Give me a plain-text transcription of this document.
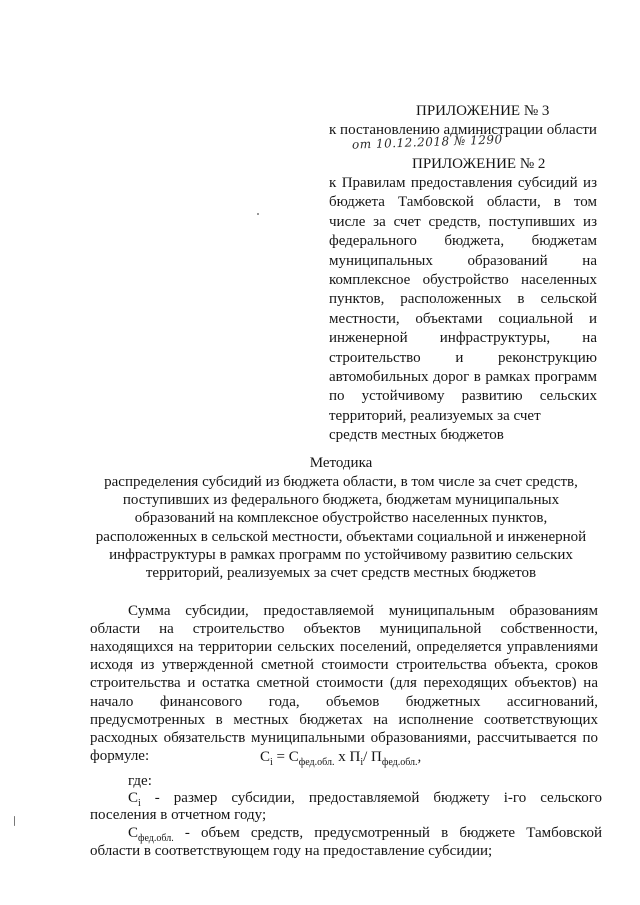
ПРИЛОЖЕНИЕ № 3
к постановлению администрации области
от 10.12.2018 № 1290
ПРИЛОЖЕНИЕ № 2
к Правилам предоставления субсидий из
бюджета Тамбовской области, в том
числе за счет средств, поступивших из
федерального бюджета, бюджетам
муниципальных образований на
комплексное обустройство населенных
пунктов, расположенных в сельской
местности, объектами социальной и
инженерной инфраструктуры, на
строительство и реконструкцию
автомобильных дорог в рамках программ
по устойчивому развитию сельских
территорий, реализуемых за счет
средств местных бюджетов
Методика
распределения субсидий из бюджета области, в том числе за счет средств,
поступивших из федерального бюджета, бюджетам муниципальных
образований на комплексное обустройство населенных пунктов,
расположенных в сельской местности, объектами социальной и инженерной
инфраструктуры в рамках программ по устойчивому развитию сельских
территорий, реализуемых за счет средств местных бюджетов
Сумма субсидии, предоставляемой муниципальным образованиям
области на строительство объектов муниципальной собственности,
находящихся на территории сельских поселений, определяется управлениями
исходя из утвержденной сметной стоимости строительства объекта, сроков
строительства и остатка сметной стоимости (для переходящих объектов) на
начало финансового года, объемов бюджетных ассигнований,
предусмотренных в местных бюджетах на исполнение соответствующих
расходных обязательств муниципальными образованиями, рассчитывается по
формуле:	$С_i = С_{фед.обл.}$ х $П_i/$ $П_{фед.обл.}$,
где:
$С_i$ - размер субсидии, предоставляемой бюджету i-го сельского
поселения в отчетном году;
$С_{фед.обл.}$ - объем средств, предусмотренный в бюджете Тамбовской
области в соответствующем году на предоставление субсидии;
